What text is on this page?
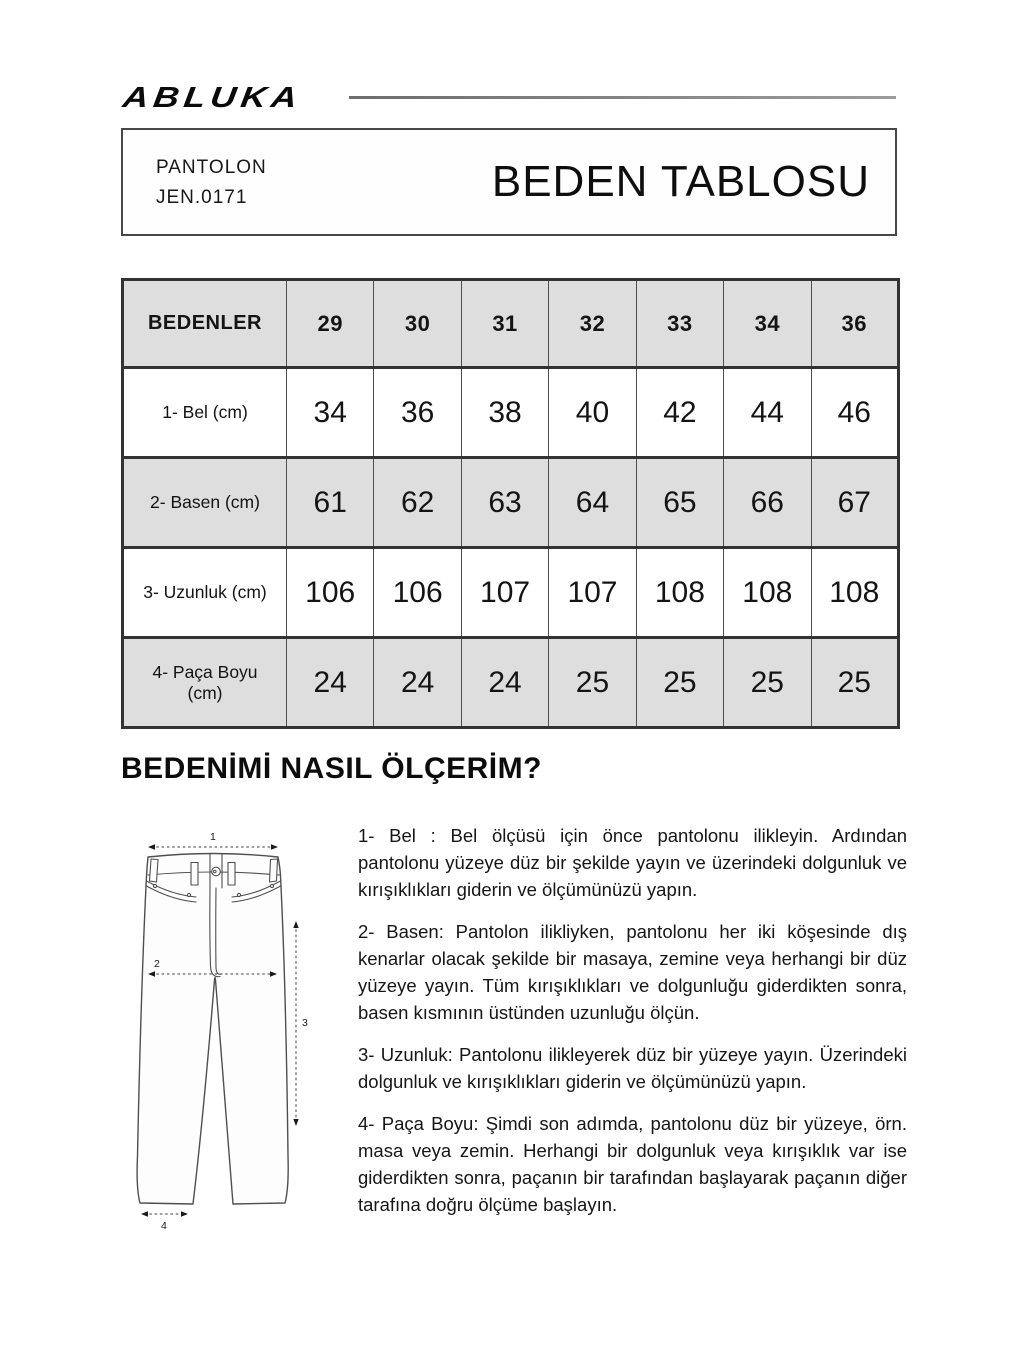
ABLUKA
PANTOLON
JEN.0171	BEDEN TABLOSU
BEDENLER	29	30	31	32	33	34	36
1- Bel (cm)	34	36	38	40	42	44	46
2- Basen (cm)	61	62	63	64	65	66	67
3- Uzunluk (cm)	106	106	107	107	108	108	108
4- Paça Boyu (cm)	24	24	24	25	25	25	25
BEDENİMİ NASIL ÖLÇERİM?
1
2
3
4

1- Bel : Bel ölçüsü için önce pantolonu ilikleyin. Ardından pantolonu yüzeye düz bir şekilde yayın ve üzerindeki dolgunluk ve kırışıklıkları giderin ve ölçümünüzü yapın.

2- Basen: Pantolon ilikliyken, pantolonu her iki köşesinde dış kenarlar olacak şekilde bir masaya, zemine veya herhangi bir düz yüzeye yayın. Tüm kırışıklıkları ve dolgunluğu giderdikten sonra, basen kısmının üstünden uzunluğu ölçün.

3- Uzunluk: Pantolonu ilikleyerek düz bir yüzeye yayın. Üzerindeki dolgunluk ve kırışıklıkları giderin ve ölçümünüzü yapın.

4- Paça Boyu: Şimdi son adımda, pantolonu düz bir yüzeye, örn. masa veya zemin. Herhangi bir dolgunluk veya kırışıklık var ise giderdikten sonra, paçanın bir tarafından başlayarak paçanın diğer tarafına doğru ölçüme başlayın.
